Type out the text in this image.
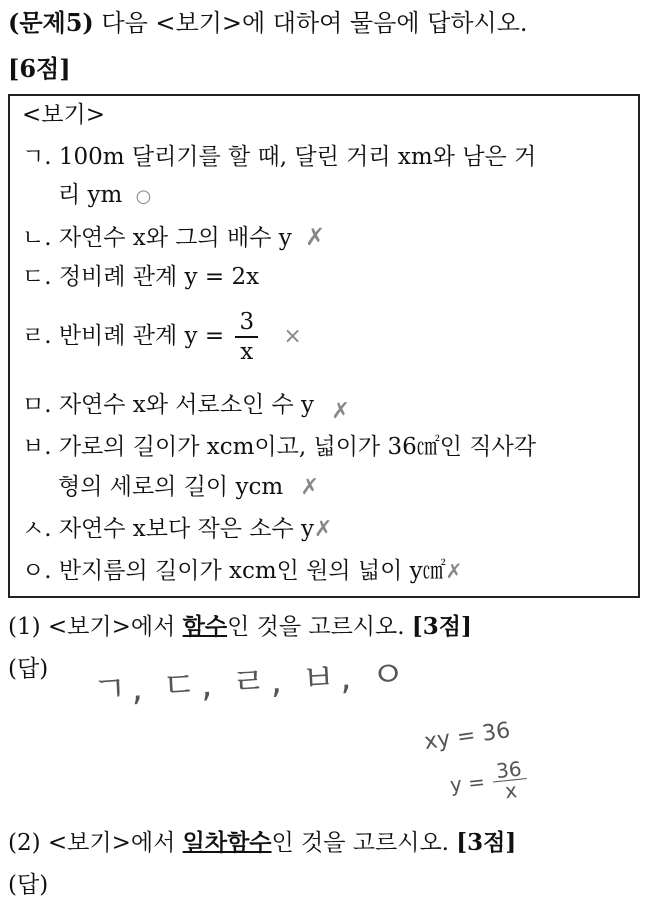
(문제5) 다음 <보기>에 대하여 물음에 답하시오.
[6점]
<보기>
ㄱ. 100m 달리기를 할 때, 달린 거리 xm와 남은 거
리 ym ○
ㄴ. 자연수 x와 그의 배수 y ✗
ㄷ. 정비례 관계 y = 2x
ㄹ. 반비례 관계 $y = \frac{3}{x}$ ×
ㅁ. 자연수 x와 서로소인 수 y ✗
ㅂ. 가로의 길이가 xcm이고, 넓이가 36㎠인 직사각
형의 세로의 길이 ycm ✗
ㅅ. 자연수 x보다 작은 소수 y✗
ㅇ. 반지름의 길이가 xcm인 원의 넓이 y㎠✗
(1) <보기>에서 함수인 것을 고르시오. [3점]
(답) ㄱ, ㄷ, ㄹ, ㅂ, ㅇ
xy = 36
$y = \frac{36}{x}$
(2) <보기>에서 일차함수인 것을 고르시오. [3점]
(답)
